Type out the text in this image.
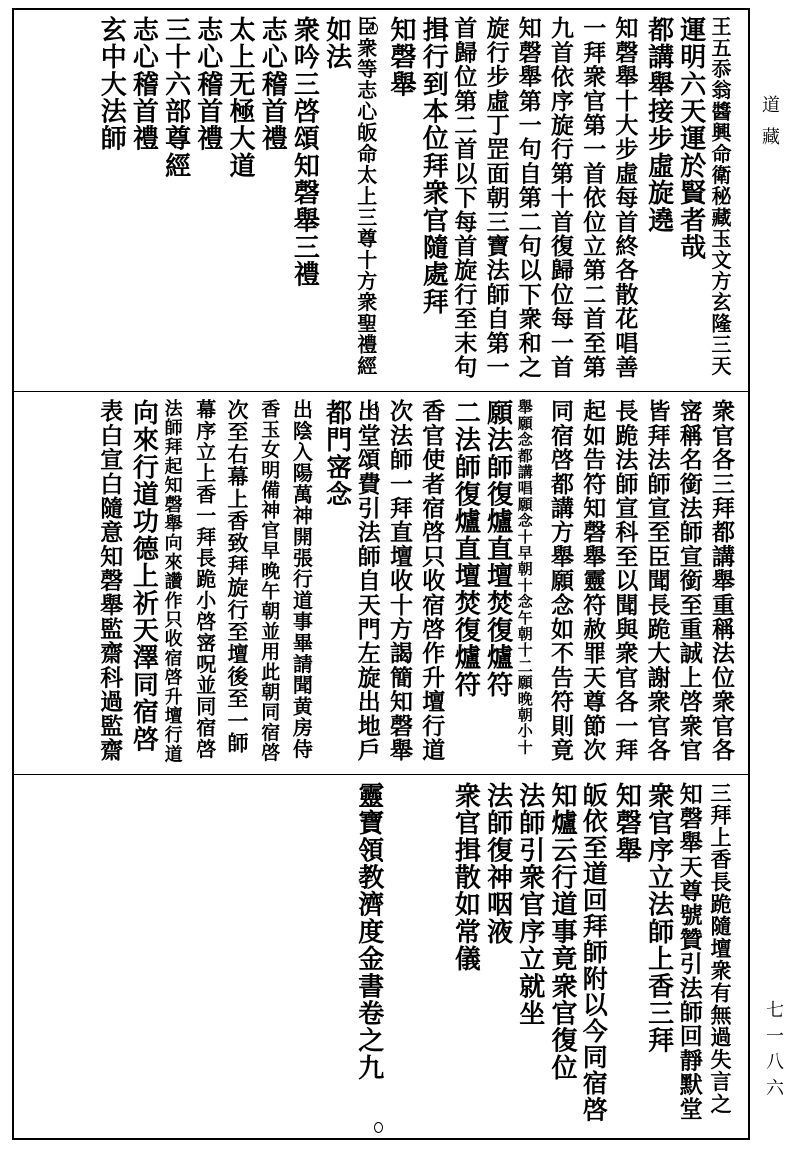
道藏
七一八六
王五忝翁醬興命衛秘藏玉文方玄隆三天
運明六天運於賢者哉
都講舉接步虛旋遶
知磬舉十大步虛每首終各散花唱善
一拜衆官第一首依位立第二首至第
九首依序旋行第十首復歸位每一首
知磬舉第一句自第二句以下衆和之
旋行步虛丁罡面朝三寶法師自第一
首歸位第二首以下每首旋行至末句
揖行到本位拜衆官隨處拜
知磬舉
臣衆等志心皈命太上三尊十方衆聖禮經
如法
衆吟三啓頌知磬舉三禮
志心稽首禮
太上无極大道
志心稽首禮
三十六部尊經
志心稽首禮
玄中大法師
衆官各三拜都講舉重稱法位衆官各
宻稱名銜法師宣銜至重誠上啓衆官
皆拜法師宣至臣聞長跪大謝衆官各
長跪法師宣科至以聞與衆官各一拜
起如告符知磬舉靈符赦罪天尊節次
同宿啓都講方舉願念如不告符則竟
舉願念都講唱願念十早朝十念午朝十二願晚朝小十
願法師復爐直壇焚復爐符
二法師復爐直壇焚復爐符
香官使者宿啓只收宿啓作升壇行道
次法師一拜直壇收十方謁簡知磬舉
出堂頌費引法師自天門左旋出地戶
都門宻念
出陰入陽萬神開張行道事畢請聞黄房侍
香玉女明備神官早晚午朝並用此朝同宿啓
次至右幕上香致拜旋行至壇後至一師
幕序立上香一拜長跪小啓宻呪並同宿啓
法師拜起知磬舉向來讚作只收宿啓升壇行道
向來行道功德上祈天澤同宿啓
表白宣白隨意知磬舉監齋科過監齋
三拜上香長跪隨壇衆有無過失言之
知磬舉天尊號贊引法師回靜默堂
衆官序立法師上香三拜
知磬舉
皈依至道回拜師附以今同宿啓
知爐云行道事竟衆官復位
法師引衆官序立就坐
法師復神咽液
衆官揖散如常儀
靈寶領教濟度金書卷之九
